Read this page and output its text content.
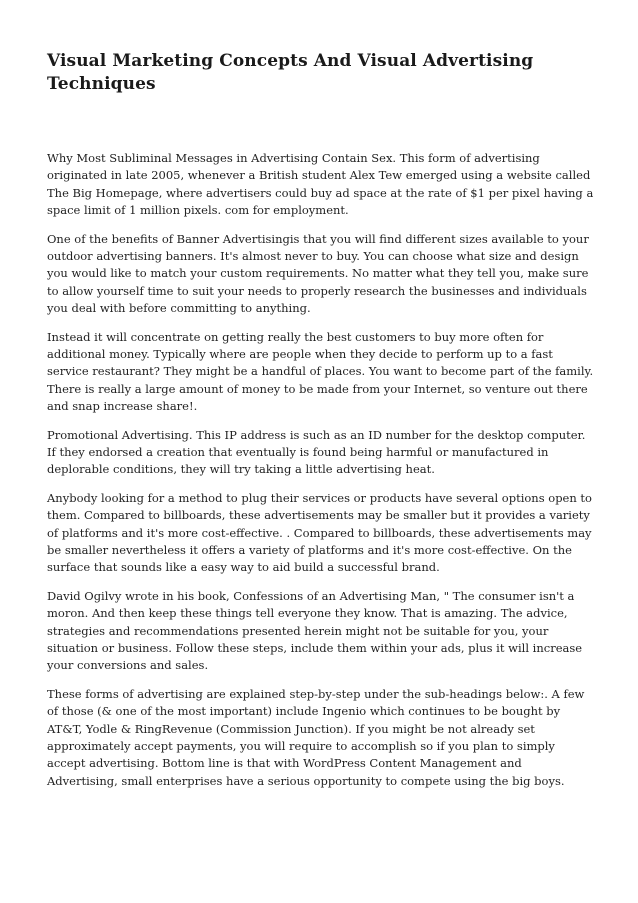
Visual Marketing Concepts And Visual Advertising Techniques

Why Most Subliminal Messages in Advertising Contain Sex. This form of advertising originated in late 2005, whenever a British student Alex Tew emerged using a website called The Big Homepage, where advertisers could buy ad space at the rate of $1 per pixel having a space limit of 1 million pixels. com for employment.

One of the benefits of Banner Advertisingis that you will find different sizes available to your outdoor advertising banners. It's almost never to buy. You can choose what size and design you would like to match your custom requirements. No matter what they tell you, make sure to allow yourself time to suit your needs to properly research the businesses and individuals you deal with before committing to anything.

Instead it will concentrate on getting really the best customers to buy more often for additional money. Typically where are people when they decide to perform up to a fast service restaurant? They might be a handful of places. You want to become part of the family. There is really a large amount of money to be made from your Internet, so venture out there and snap increase share!.

Promotional Advertising. This IP address is such as an ID number for the desktop computer. If they endorsed a creation that eventually is found being harmful or manufactured in deplorable conditions, they will try taking a little advertising heat.

Anybody looking for a method to plug their services or products have several options open to them. Compared to billboards, these advertisements may be smaller but it provides a variety of platforms and it's more cost-effective. . Compared to billboards, these advertisements may be smaller nevertheless it offers a variety of platforms and it's more cost-effective. On the surface that sounds like a easy way to aid build a successful brand.

David Ogilvy wrote in his book, Confessions of an Advertising Man, " The consumer isn't a moron. And then keep these things tell everyone they know. That is amazing. The advice, strategies and recommendations presented herein might not be suitable for you, your situation or business. Follow these steps, include them within your ads, plus it will increase your conversions and sales.

These forms of advertising are explained step-by-step under the sub-headings below:. A few of those (& one of the most important) include Ingenio which continues to be bought by AT&T, Yodle & RingRevenue (Commission Junction). If you might be not already set approximately accept payments, you will require to accomplish so if you plan to simply accept advertising. Bottom line is that with WordPress Content Management and Advertising, small enterprises have a serious opportunity to compete using the big boys.
